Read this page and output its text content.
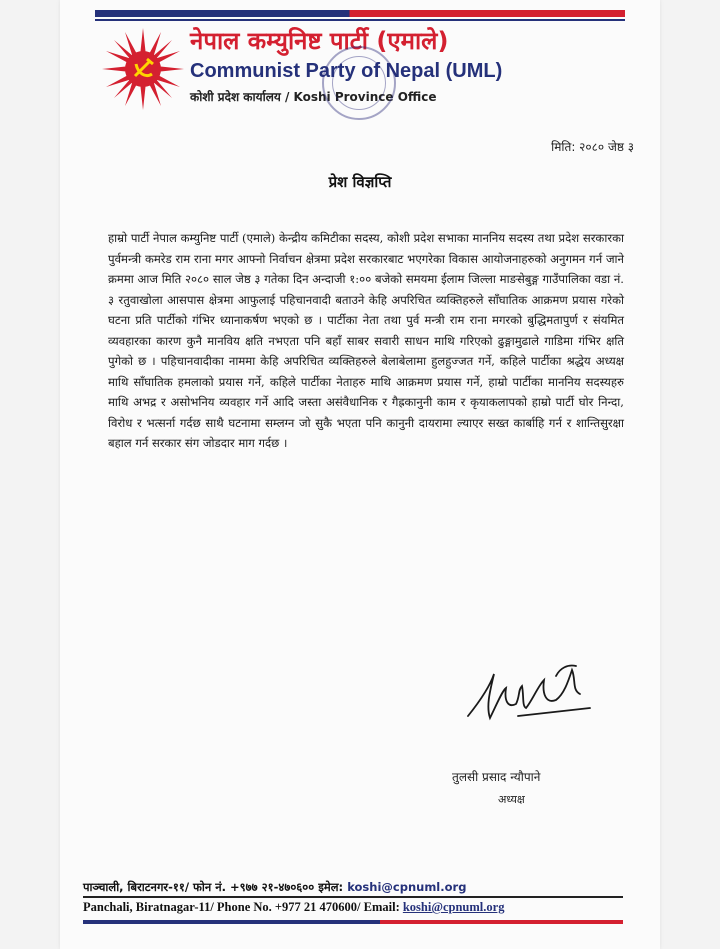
नेपाल कम्युनिष्ट पार्टी (एमाले)
Communist Party of Nepal (UML)
कोशी प्रदेश कार्यालय / Koshi Province Office
मिति: २०८० जेष्ठ ३
प्रेश विज्ञप्ति
हाम्रो पार्टी नेपाल कम्युनिष्ट पार्टी (एमाले) केन्द्रीय कमिटीका सदस्य, कोशी प्रदेश सभाका माननिय सदस्य तथा प्रदेश सरकारका पुर्वमन्त्री कमरेड राम राना मगर आफ्नो निर्वाचन क्षेत्रमा प्रदेश सरकारबाट भएगरेका विकास आयोजनाहरुको अनुगमन गर्न जाने क्रममा आज मिति २०८० साल जेष्ठ ३ गतेका दिन अन्दाजी १:०० बजेको समयमा ईलाम जिल्ला माङसेबुङ्ग गाउँपालिका वडा नं. ३ रतुवाखोला आसपास क्षेत्रमा आफुलाई पहिचानवादी बताउने केहि अपरिचित व्यक्तिहरुले साँघातिक आक्रमण प्रयास गरेको घटना प्रति पार्टीको गंभिर ध्यानाकर्षण भएको छ । पार्टीका नेता तथा पुर्व मन्त्री राम राना मगरको बुद्धिमतापुर्ण र संयमित व्यवहारका कारण कुनै मानविय क्षति नभएता पनि बहाँ साबर सवारी साधन माथि गरिएको ढुङ्गामुढाले गाडिमा गंभिर क्षति पुगेको छ । पहिचानवादीका नाममा केहि अपरिचित व्यक्तिहरुले बेलाबेलामा हुलहुज्जत गर्ने, कहिले पार्टीका श्रद्धेय अध्यक्ष माथि साँघातिक हमलाको प्रयास गर्ने, कहिले पार्टीका नेताहरु माथि आक्रमण प्रयास गर्ने, हाम्रो पार्टीका माननिय सदस्यहरु माथि अभद्र र असोभनिय व्यवहार गर्ने आदि जस्ता असंवैधानिक र गैह्रकानुनी काम र कृयाकलापको हाम्रो पार्टी घोर निन्दा, विरोध र भत्सर्ना गर्दछ साथै घटनामा सम्लग्न जो सुकै भएता पनि कानुनी दायरामा ल्याएर सख्त कार्बाहि गर्न र शान्तिसुरक्षा बहाल गर्न सरकार संग जोडदार माग गर्दछ ।
तुलसी प्रसाद न्यौपाने
अध्यक्ष
पाञ्चाली, बिराटनगर-११/ फोन नं. +९७७ २१-४७०६०० इमेल: koshi@cpnuml.org
Panchali, Biratnagar-11/ Phone No. +977 21 470600/ Email: koshi@cpnuml.org
